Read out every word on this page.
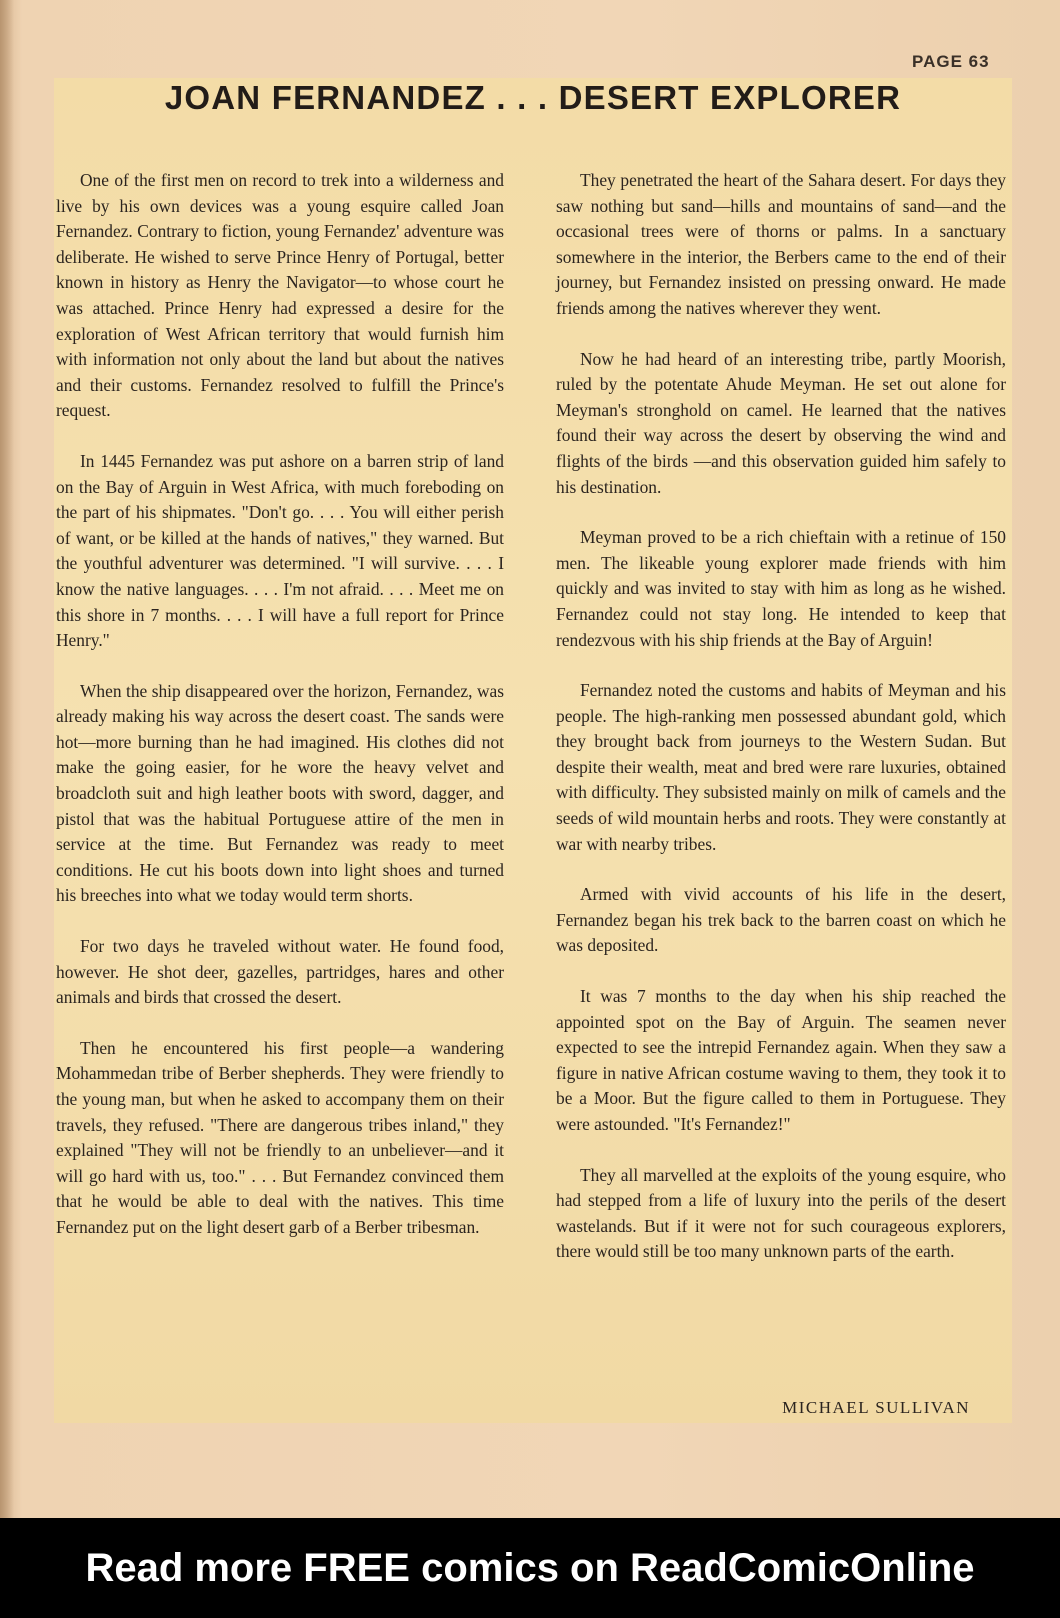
PAGE 63
JOAN FERNANDEZ . . . DESERT EXPLORER

One of the first men on record to trek into a wilderness and live by his own devices was a young esquire called Joan Fernandez. Contrary to fiction, young Fernandez' adventure was deliberate. He wished to serve Prince Henry of Portugal, better known in history as Henry the Navigator—to whose court he was attached. Prince Henry had expressed a desire for the exploration of West African territory that would furnish him with information not only about the land but about the natives and their customs. Fernandez resolved to fulfill the Prince's request.

In 1445 Fernandez was put ashore on a barren strip of land on the Bay of Arguin in West Africa, with much foreboding on the part of his shipmates. "Don't go. . . . You will either perish of want, or be killed at the hands of natives," they warned. But the youthful adventurer was determined. "I will survive. . . . I know the native languages. . . . I'm not afraid. . . . Meet me on this shore in 7 months. . . . I will have a full report for Prince Henry."

When the ship disappeared over the horizon, Fernandez, was already making his way across the desert coast. The sands were hot—more burning than he had imagined. His clothes did not make the going easier, for he wore the heavy velvet and broadcloth suit and high leather boots with sword, dagger, and pistol that was the habitual Portuguese attire of the men in service at the time. But Fernandez was ready to meet conditions. He cut his boots down into light shoes and turned his breeches into what we today would term shorts.

For two days he traveled without water. He found food, however. He shot deer, gazelles, partridges, hares and other animals and birds that crossed the desert.

Then he encountered his first people—a wandering Mohammedan tribe of Berber shepherds. They were friendly to the young man, but when he asked to accompany them on their travels, they refused. "There are dangerous tribes inland," they explained "They will not be friendly to an unbeliever—and it will go hard with us, too." . . . But Fernandez convinced them that he would be able to deal with the natives. This time Fernandez put on the light desert garb of a Berber tribesman.

They penetrated the heart of the Sahara desert. For days they saw nothing but sand—hills and mountains of sand—and the occasional trees were of thorns or palms. In a sanctuary somewhere in the interior, the Berbers came to the end of their journey, but Fernandez insisted on pressing onward. He made friends among the natives wherever they went.

Now he had heard of an interesting tribe, partly Moorish, ruled by the potentate Ahude Meyman. He set out alone for Meyman's stronghold on camel. He learned that the natives found their way across the desert by observing the wind and flights of the birds —and this observation guided him safely to his destination.

Meyman proved to be a rich chieftain with a retinue of 150 men. The likeable young explorer made friends with him quickly and was invited to stay with him as long as he wished. Fernandez could not stay long. He intended to keep that rendezvous with his ship friends at the Bay of Arguin!

Fernandez noted the customs and habits of Meyman and his people. The high-ranking men possessed abundant gold, which they brought back from journeys to the Western Sudan. But despite their wealth, meat and bred were rare luxuries, obtained with difficulty. They subsisted mainly on milk of camels and the seeds of wild mountain herbs and roots. They were constantly at war with nearby tribes.

Armed with vivid accounts of his life in the desert, Fernandez began his trek back to the barren coast on which he was deposited.

It was 7 months to the day when his ship reached the appointed spot on the Bay of Arguin. The seamen never expected to see the intrepid Fernandez again. When they saw a figure in native African costume waving to them, they took it to be a Moor. But the figure called to them in Portuguese. They were astounded. "It's Fernandez!"

They all marvelled at the exploits of the young esquire, who had stepped from a life of luxury into the perils of the desert wastelands. But if it were not for such courageous explorers, there would still be too many unknown parts of the earth.

MICHAEL SULLIVAN
Read more FREE comics on ReadComicOnline
